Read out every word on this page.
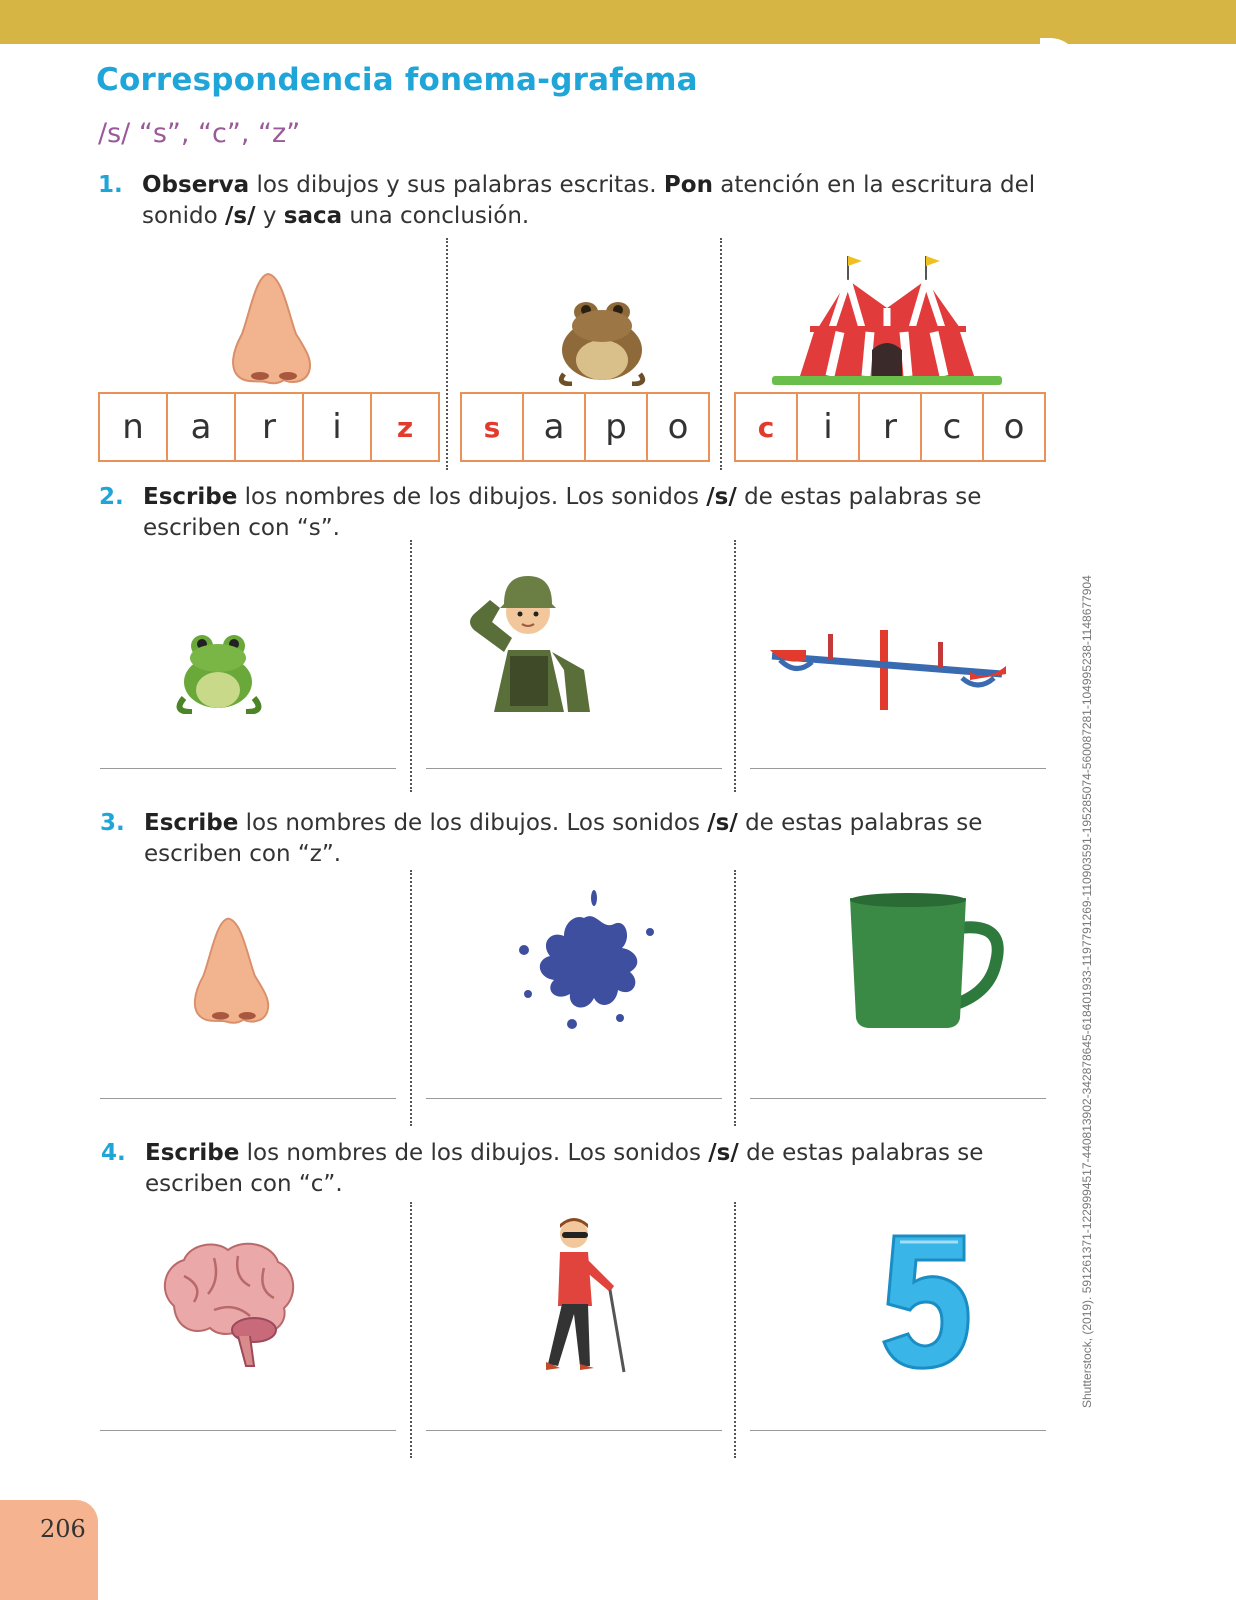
Correspondencia fonema-grafema
/s/ “s”, “c”, “z”
1. Observa los dibujos y sus palabras escritas. Pon atención en la escritura del sonido /s/ y saca una conclusión.
n	a	r	i	z	s	a	p	o	c	i	r	c	o
2. Escribe los nombres de los dibujos. Los sonidos /s/ de estas palabras se escriben con “s”.
3. Escribe los nombres de los dibujos. Los sonidos /s/ de estas palabras se escriben con “z”.
4. Escribe los nombres de los dibujos. Los sonidos /s/ de estas palabras se escriben con “c”.	Shutterstock, (2019). 591261371-1229994517-440813902-342878645-618401933-1197791269-110903591-195285074-560087281-104995238-1148677904
206
